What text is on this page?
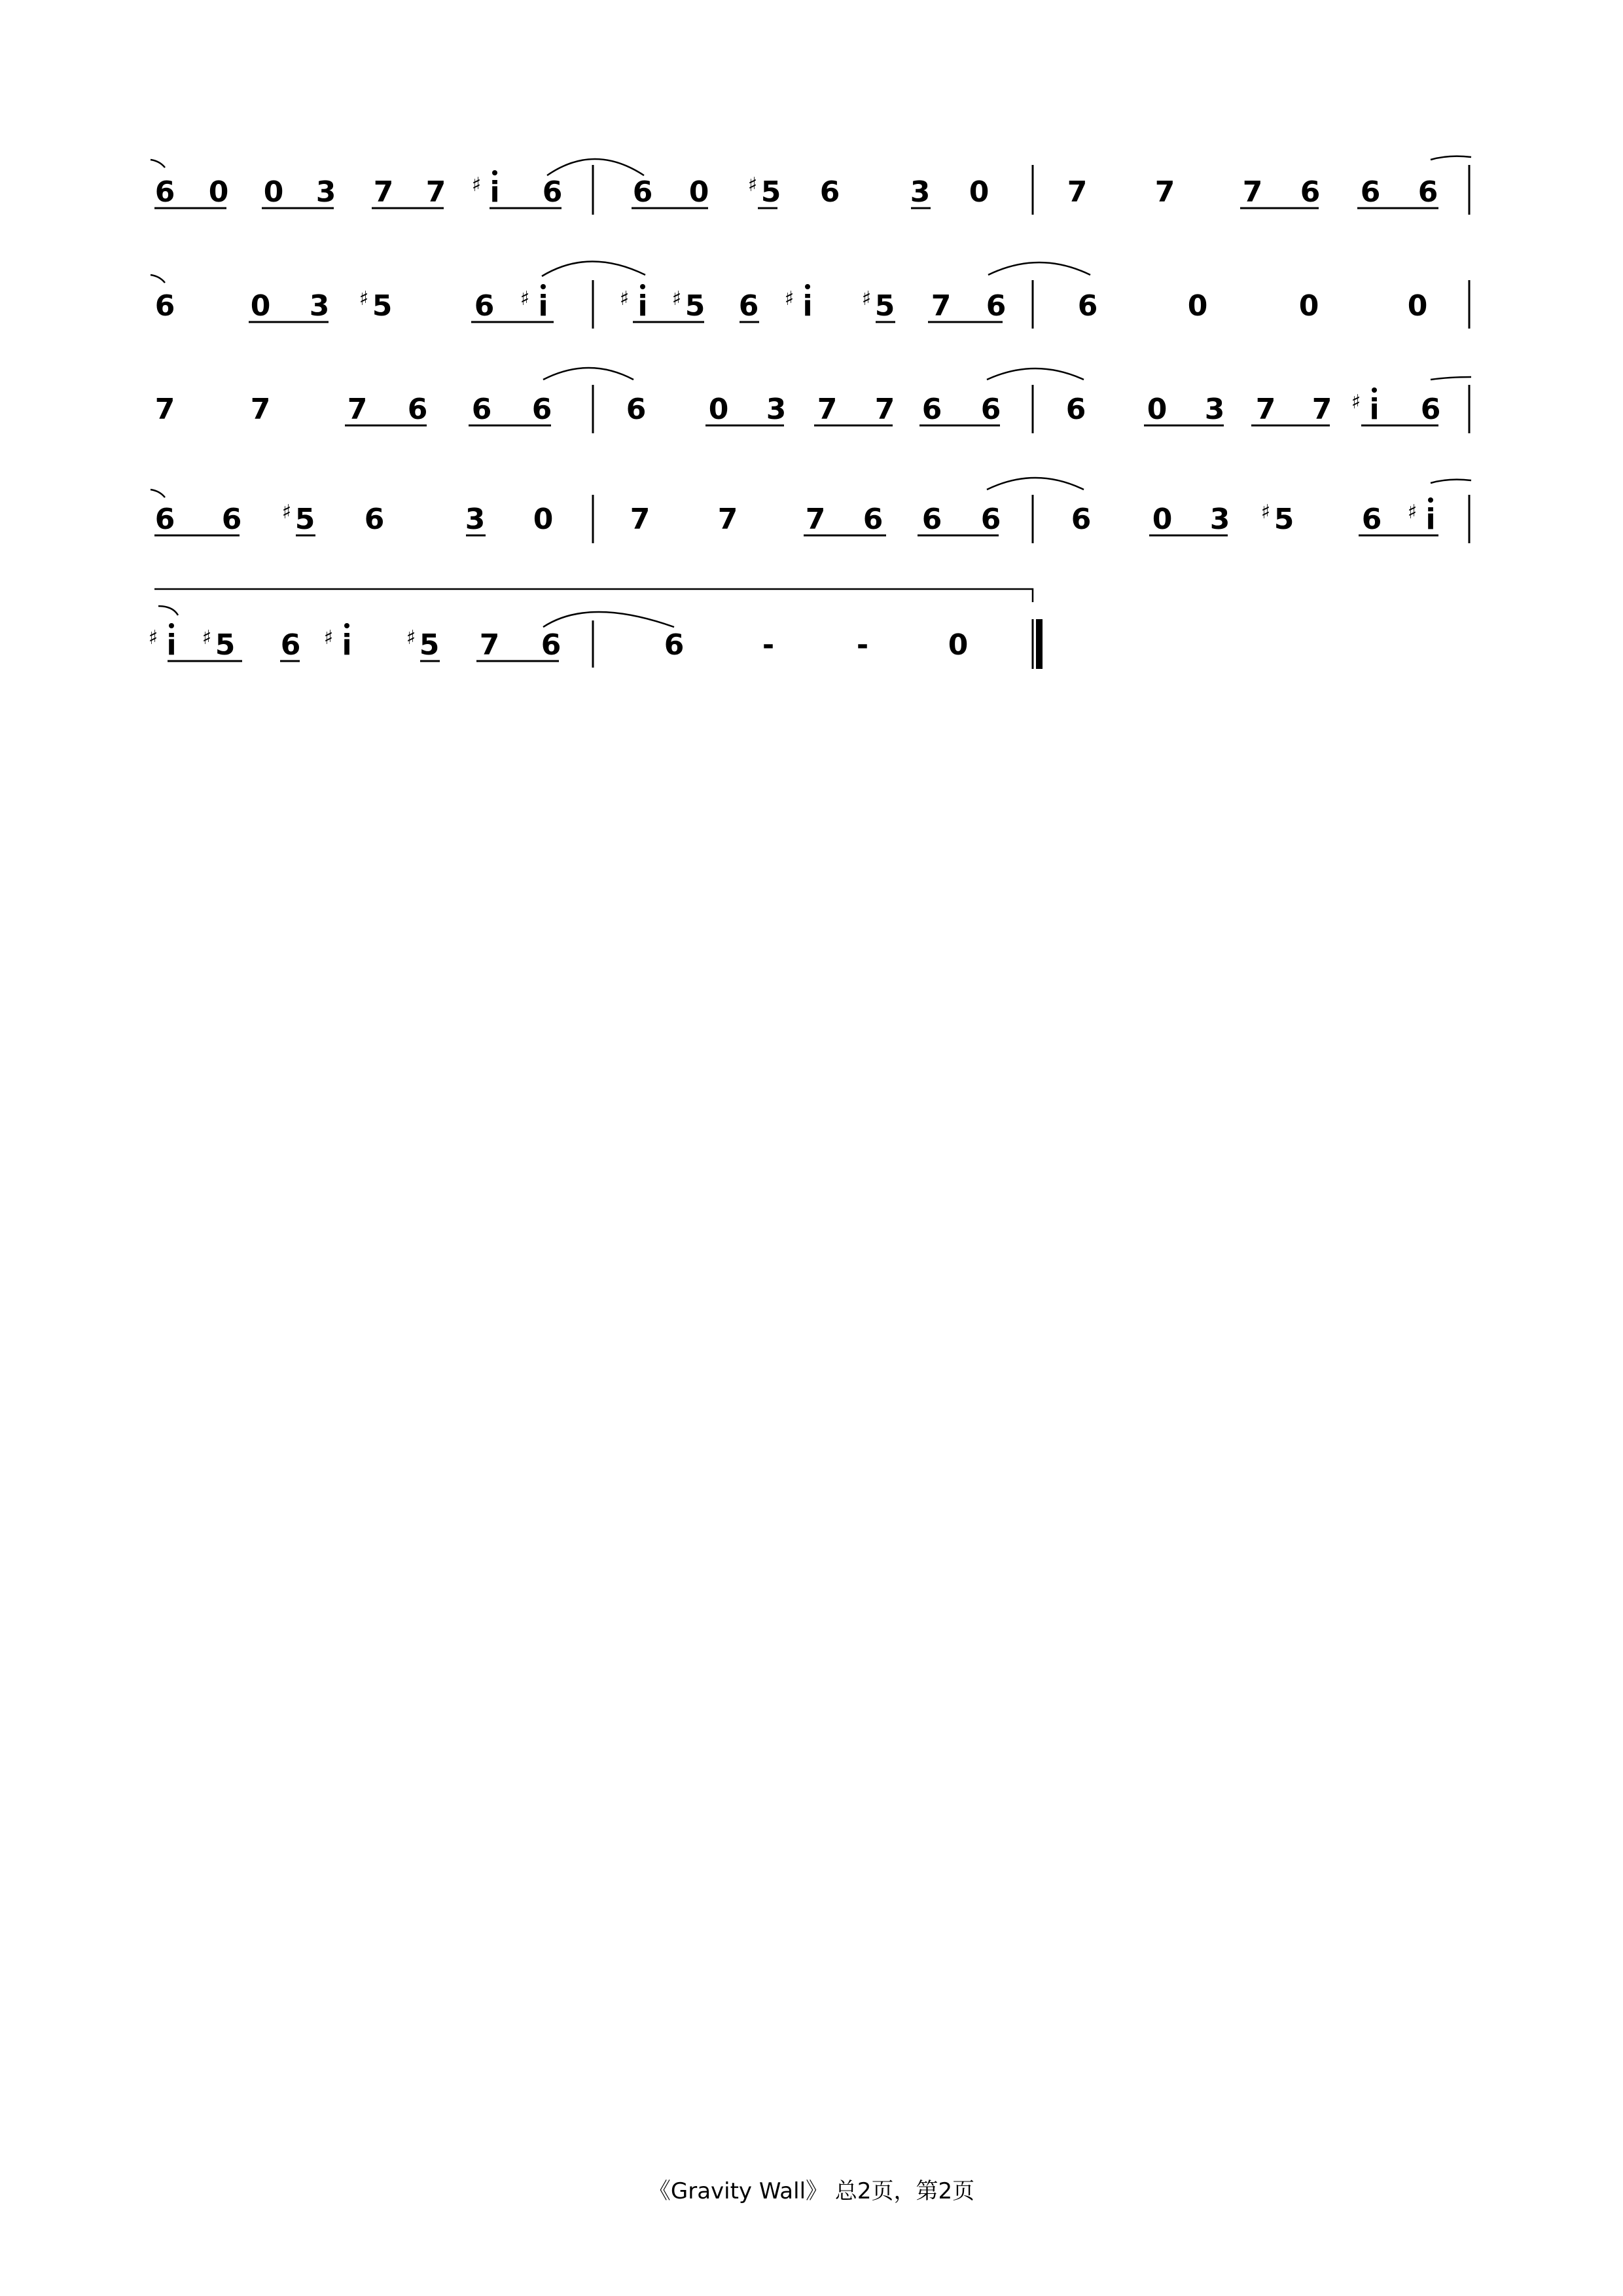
6 0 0 3 7 7 ♯ i 6 6 0 ♯ 5 6 3 0	7 7 7 6 6 6
6	0 3 ♯ 5	6 ♯ i	♯ i ♯ 5 6 ♯ i	♯ 5 7 6 6	0	0	0
7	7	7 6 6 6	6 0 3 7 7 6 6 6 0 3 7 7 ♯ i 6
6 6 ♯ 5 6	3 0	7 7 7 6 6 6 6 0 3 ♯ 5 6 ♯ i
♯ i ♯ 5 6 ♯ i	♯ 5 7 6	6	-	-	0
《Gravity Wall》 总2页，第2页
